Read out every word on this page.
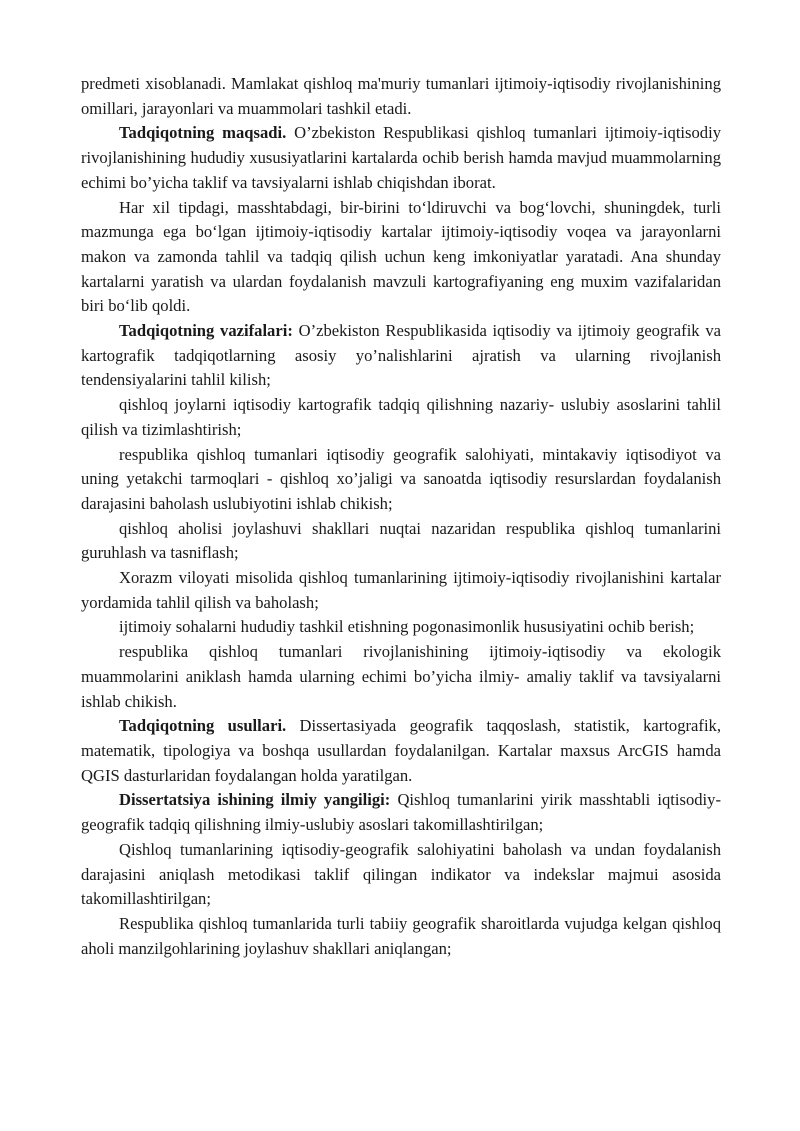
predmeti xisoblanadi. Mamlakat qishloq ma'muriy tumanlari ijtimoiy-iqtisodiy rivojlanishining omillari, jarayonlari va muammolari tashkil etadi.

Tadqiqotning maqsadi. O’zbekiston Respublikasi qishloq tumanlari ijtimoiy-iqtisodiy rivojlanishining hududiy xususiyatlarini kartalarda ochib berish hamda mavjud muammolarning echimi bo’yicha taklif va tavsiyalarni ishlab chiqishdan iborat.

Har xil tipdagi, masshtabdagi, bir-birini to‘ldiruvchi va bog‘lovchi, shuningdek, turli mazmunga ega bo‘lgan ijtimoiy-iqtisodiy kartalar ijtimoiy-iqtisodiy voqea va jarayonlarni makon va zamonda tahlil va tadqiq qilish uchun keng imkoniyatlar yaratadi. Ana shunday kartalarni yaratish va ulardan foydalanish mavzuli kartografiyaning eng muxim vazifalaridan biri bo‘lib qoldi.

Tadqiqotning vazifalari: O’zbekiston Respublikasida iqtisodiy va ijtimoiy geografik va kartografik tadqiqotlarning asosiy yo’nalishlarini ajratish va ularning rivojlanish tendensiyalarini tahlil kilish;

qishloq joylarni iqtisodiy kartografik tadqiq qilishning nazariy- uslubiy asoslarini tahlil qilish va tizimlashtirish;

respublika qishloq tumanlari iqtisodiy geografik salohiyati, mintakaviy iqtisodiyot va uning yetakchi tarmoqlari - qishloq xo’jaligi va sanoatda iqtisodiy resurslardan foydalanish darajasini baholash uslubiyotini ishlab chikish;

qishloq aholisi joylashuvi shakllari nuqtai nazaridan respublika qishloq tumanlarini guruhlash va tasniflash;

Xorazm viloyati misolida qishloq tumanlarining ijtimoiy-iqtisodiy rivojlanishini kartalar yordamida tahlil qilish va baholash;

ijtimoiy sohalarni hududiy tashkil etishning pogonasimonlik hususiyatini ochib berish;

respublika qishloq tumanlari rivojlanishining ijtimoiy-iqtisodiy va ekologik muammolarini aniklash hamda ularning echimi bo’yicha ilmiy- amaliy taklif va tavsiyalarni ishlab chikish.

Tadqiqotning usullari. Dissertasiyada geografik taqqoslash, statistik, kartografik, matematik, tipologiya va boshqa usullardan foydalanilgan. Kartalar maxsus ArcGIS hamda QGIS dasturlaridan foydalangan holda yaratilgan.

Dissertatsiya ishining ilmiy yangiligi: Qishloq tumanlarini yirik masshtabli iqtisodiy-geografik tadqiq qilishning ilmiy-uslubiy asoslari takomillashtirilgan;

Qishloq tumanlarining iqtisodiy-geografik salohiyatini baholash va undan foydalanish darajasini aniqlash metodikasi taklif qilingan indikator va indekslar majmui asosida takomillashtirilgan;

Respublika qishloq tumanlarida turli tabiiy geografik sharoitlarda vujudga kelgan qishloq aholi manzilgohlarining joylashuv shakllari aniqlangan;
